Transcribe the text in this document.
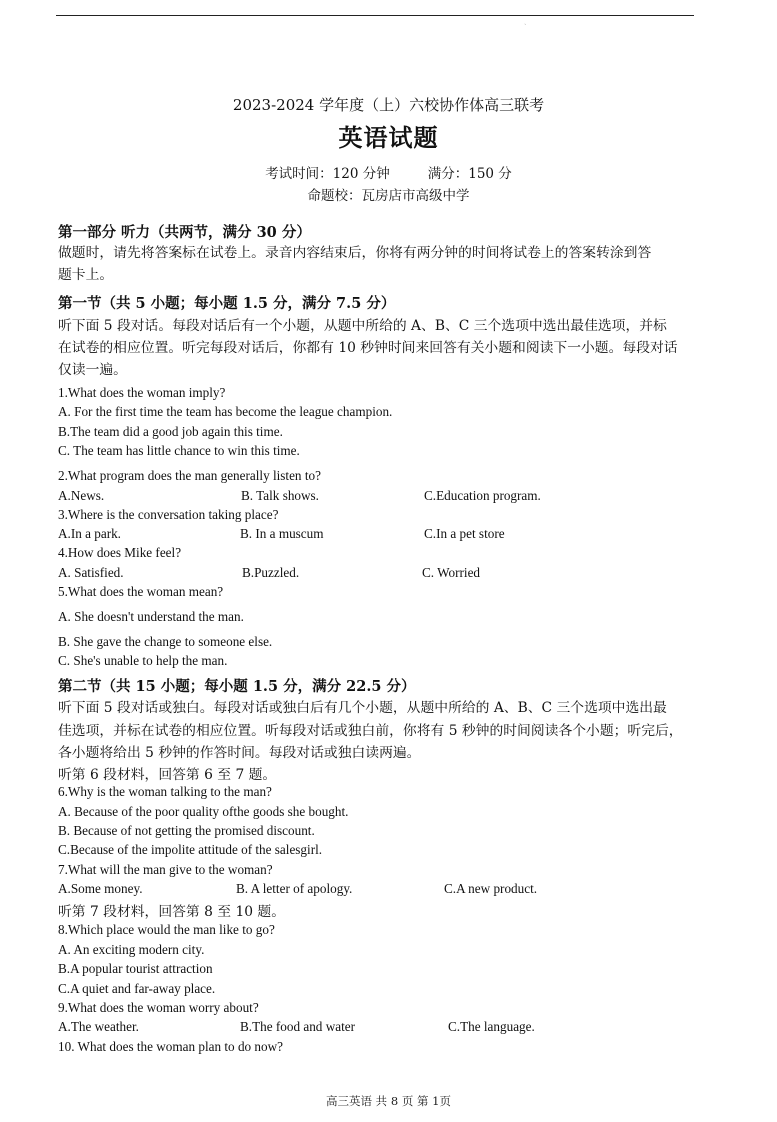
`
2023-2024 学年度（上）六校协作体高三联考
英语试题
考试时间：120 分钟	满分：150 分
命题校：瓦房店市高级中学
第一部分 听力（共两节，满分 30 分）
做题时，请先将答案标在试卷上。录音内容结束后，你将有两分钟的时间将试卷上的答案转涂到答
题卡上。
第一节（共 5 小题；每小题 1.5 分，满分 7.5 分）
听下面 5 段对话。每段对话后有一个小题，从题中所给的 A、B、C 三个选项中选出最佳选项，并标
在试卷的相应位置。听完每段对话后，你都有 10 秒钟时间来回答有关小题和阅读下一小题。每段对话
仅读一遍。
1.What does the woman imply?
A. For the first time the team has become the league champion.
B.The team did a good job again this time.
C. The team has little chance to win this time.
2.What program does the man generally listen to?
A.News.	B. Talk shows.	C.Education program.
3.Where is the conversation taking place?
A.In a park.	B. In a muscum	C.In a pet store
4.How does Mike feel?
A. Satisfied.	B.Puzzled.	C. Worried
5.What does the woman mean?
A. She doesn't understand the man.
B. She gave the change to someone else.
C. She's unable to help the man.
第二节（共 15 小题；每小题 1.5 分，满分 22.5 分）
听下面 5 段对话或独白。每段对话或独白后有几个小题，从题中所给的 A、B、C 三个选项中选出最
佳选项，并标在试卷的相应位置。听每段对话或独白前，你将有 5 秒钟的时间阅读各个小题；听完后，
各小题将给出 5 秒钟的作答时间。每段对话或独白读两遍。
听第 6 段材料，回答第 6 至 7 题。
6.Why is the woman talking to the man?
A. Because of the poor quality ofthe goods she bought.
B. Because of not getting the promised discount.
C.Because of the impolite attitude of the salesgirl.
7.What will the man give to the woman?
A.Some money.	B. A letter of apology.	C.A new product.
听第 7 段材料，回答第 8 至 10 题。
8.Which place would the man like to go?
A. An exciting modern city.
B.A popular tourist attraction
C.A quiet and far-away place.
9.What does the woman worry about?
A.The weather.	B.The food and water	C.The language.
10. What does the woman plan to do now?
高三英语 共 8 页 第 1页
